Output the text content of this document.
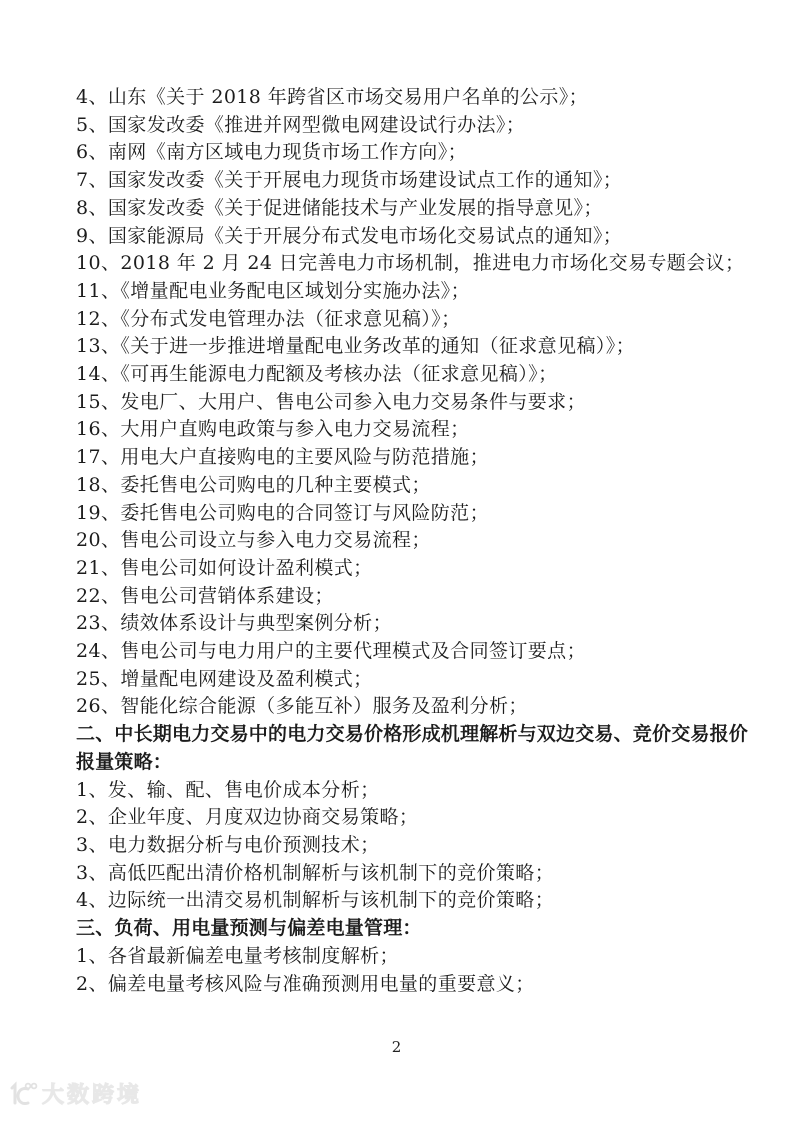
4、山东《关于 2018 年跨省区市场交易用户名单的公示》；

5、国家发改委《推进并网型微电网建设试行办法》；

6、南网《南方区域电力现货市场工作方向》；

7、国家发改委《关于开展电力现货市场建设试点工作的通知》；

8、国家发改委《关于促进储能技术与产业发展的指导意见》；

9、国家能源局《关于开展分布式发电市场化交易试点的通知》；

10、2018 年 2 月 24 日完善电力市场机制，推进电力市场化交易专题会议；

11、《增量配电业务配电区域划分实施办法》；

12、《分布式发电管理办法（征求意见稿）》；

13、《关于进一步推进增量配电业务改革的通知（征求意见稿）》；

14、《可再生能源电力配额及考核办法（征求意见稿）》；

15、发电厂、大用户、售电公司参入电力交易条件与要求；

16、大用户直购电政策与参入电力交易流程；

17、用电大户直接购电的主要风险与防范措施；

18、委托售电公司购电的几种主要模式；

19、委托售电公司购电的合同签订与风险防范；

20、售电公司设立与参入电力交易流程；

21、售电公司如何设计盈利模式；

22、售电公司营销体系建设；

23、绩效体系设计与典型案例分析；

24、售电公司与电力用户的主要代理模式及合同签订要点；

25、增量配电网建设及盈利模式；

26、智能化综合能源（多能互补）服务及盈利分析；

二、中长期电力交易中的电力交易价格形成机理解析与双边交易、竞价交易报价报量策略：

1、发、输、配、售电价成本分析；

2、企业年度、月度双边协商交易策略；

3、电力数据分析与电价预测技术；

3、高低匹配出清价格机制解析与该机制下的竞价策略；

4、边际统一出清交易机制解析与该机制下的竞价策略；

三、负荷、用电量预测与偏差电量管理：

1、各省最新偏差电量考核制度解析；

2、偏差电量考核风险与准确预测用电量的重要意义；

2
大数跨境
